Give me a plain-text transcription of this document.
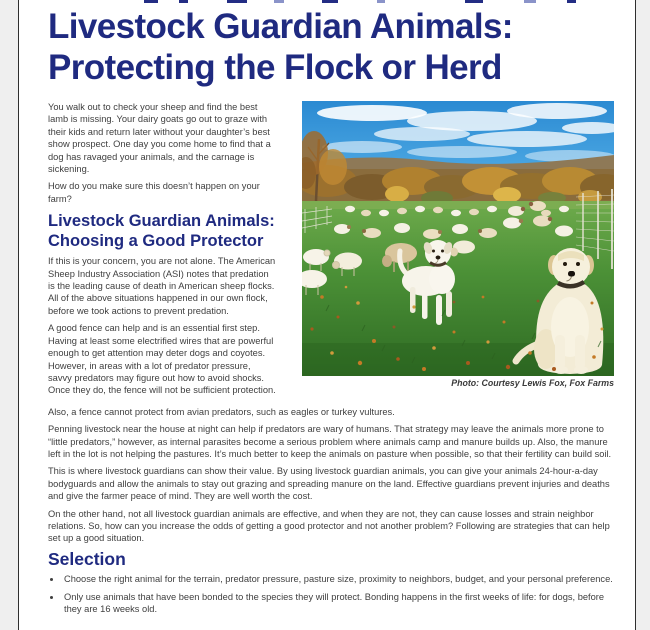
Livestock Guardian Animals:
Protecting the Flock or Herd

You walk out to check your sheep and find the best lamb is missing. Your dairy goats go out to graze with their kids and return later without your daughter’s best show prospect. One day you come home to find that a dog has ravaged your animals, and the carnage is sickening.

How do you make sure this doesn’t happen on your farm?

Livestock Guardian Animals:
Choosing a Good Protector

If this is your concern, you are not alone. The American Sheep Industry Association (ASI) notes that predation is the leading cause of death in American sheep flocks. All of the above situations happened in our own flock, before we took actions to prevent predation.

A good fence can help and is an essential first step. Having at least some electrified wires that are powerful enough to get attention may deter dogs and coyotes. However, in areas with a lot of predator pressure, savvy predators may figure out how to avoid shocks. Once they do, the fence will not be sufficient protection.

Photo: Courtesy Lewis Fox, Fox Farms

Also, a fence cannot protect from avian predators, such as eagles or turkey vultures.

Penning livestock near the house at night can help if predators are wary of humans. That strategy may leave the animals more prone to “little predators,” however, as internal parasites become a serious problem where animals camp and manure builds up. Also, the manure left in the lot is not helping the pastures. It’s much better to keep the animals on pasture when possible, so that their fertility can build soil.

This is where livestock guardians can show their value. By using livestock guardian animals, you can give your animals 24-hour-a-day bodyguards and allow the animals to stay out grazing and spreading manure on the land. Effective guardians prevent injuries and deaths and give the farmer peace of mind. They are well worth the cost.

On the other hand, not all livestock guardian animals are effective, and when they are not, they can cause losses and strain neighbor relations. So, how can you increase the odds of getting a good protector and not another problem? Following are strategies that can help set up a good situation.

Selection
• Choose the right animal for the terrain, predator pressure, pasture size, proximity to neighbors, budget, and your personal preference.
• Only use animals that have been bonded to the species they will protect. Bonding happens in the first weeks of life: for dogs, before they are 16 weeks old.
